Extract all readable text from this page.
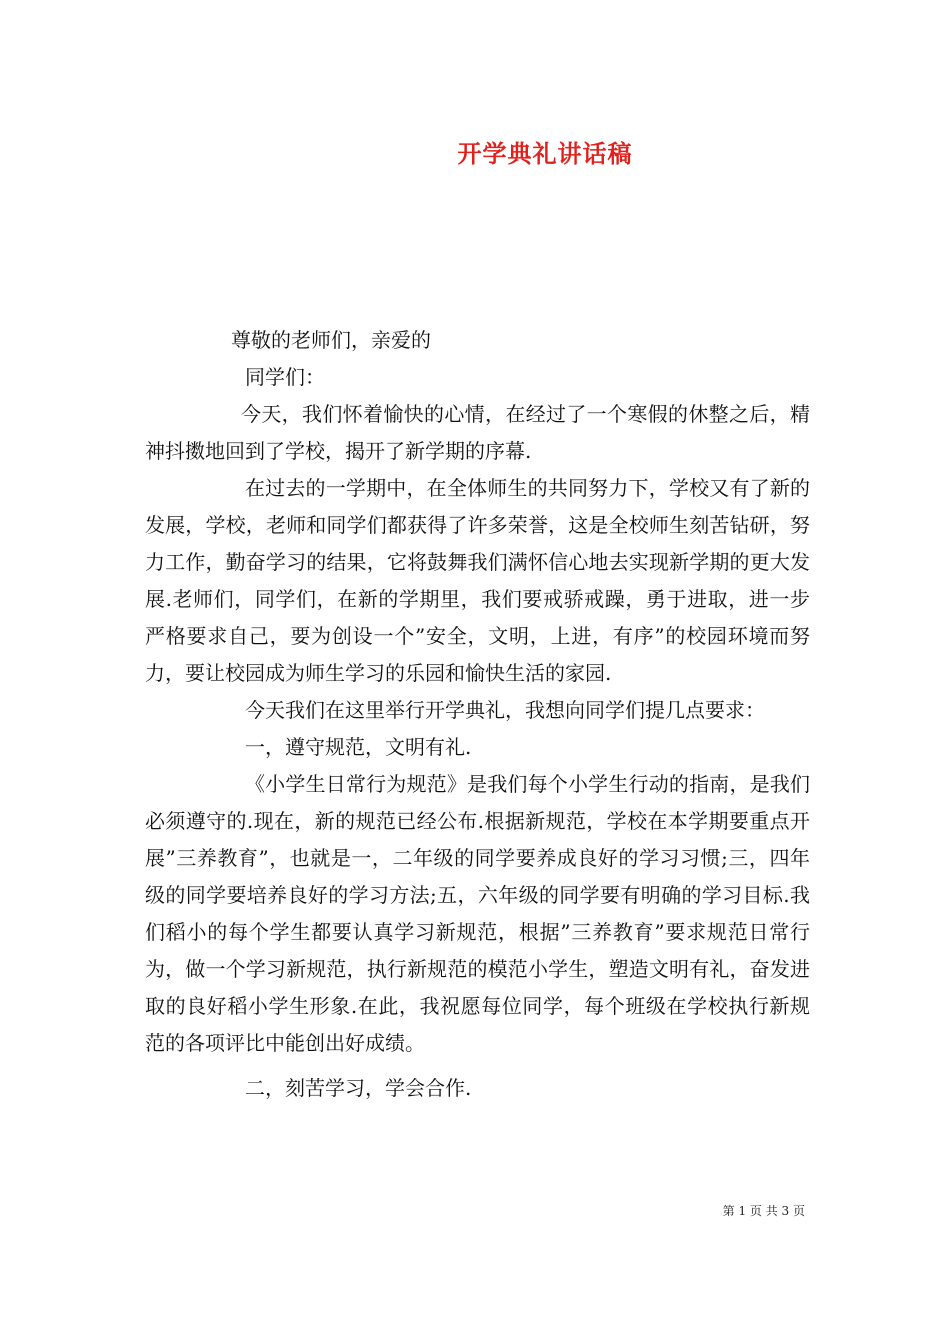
开学典礼讲话稿

尊敬的老师们，亲爱的

同学们：

今天，我们怀着愉快的心情，在经过了一个寒假的休整之后，精神抖擞地回到了学校，揭开了新学期的序幕.

在过去的一学期中，在全体师生的共同努力下，学校又有了新的发展，学校，老师和同学们都获得了许多荣誉，这是全校师生刻苦钻研，努力工作，勤奋学习的结果，它将鼓舞我们满怀信心地去实现新学期的更大发展.老师们，同学们，在新的学期里，我们要戒骄戒躁，勇于进取，进一步严格要求自己，要为创设一个”安全，文明，上进，有序”的校园环境而努力，要让校园成为师生学习的乐园和愉快生活的家园.

今天我们在这里举行开学典礼，我想向同学们提几点要求：

一，遵守规范，文明有礼.

《小学生日常行为规范》是我们每个小学生行动的指南，是我们必须遵守的.现在，新的规范已经公布.根据新规范，学校在本学期要重点开展”三养教育”，也就是一，二年级的同学要养成良好的学习习惯;三，四年级的同学要培养良好的学习方法;五，六年级的同学要有明确的学习目标.我们稻小的每个学生都要认真学习新规范，根据”三养教育”要求规范日常行为，做一个学习新规范，执行新规范的模范小学生，塑造文明有礼，奋发进取的良好稻小学生形象.在此，我祝愿每位同学，每个班级在学校执行新规范的各项评比中能创出好成绩。

二，刻苦学习，学会合作.

第 1 页 共 3 页
